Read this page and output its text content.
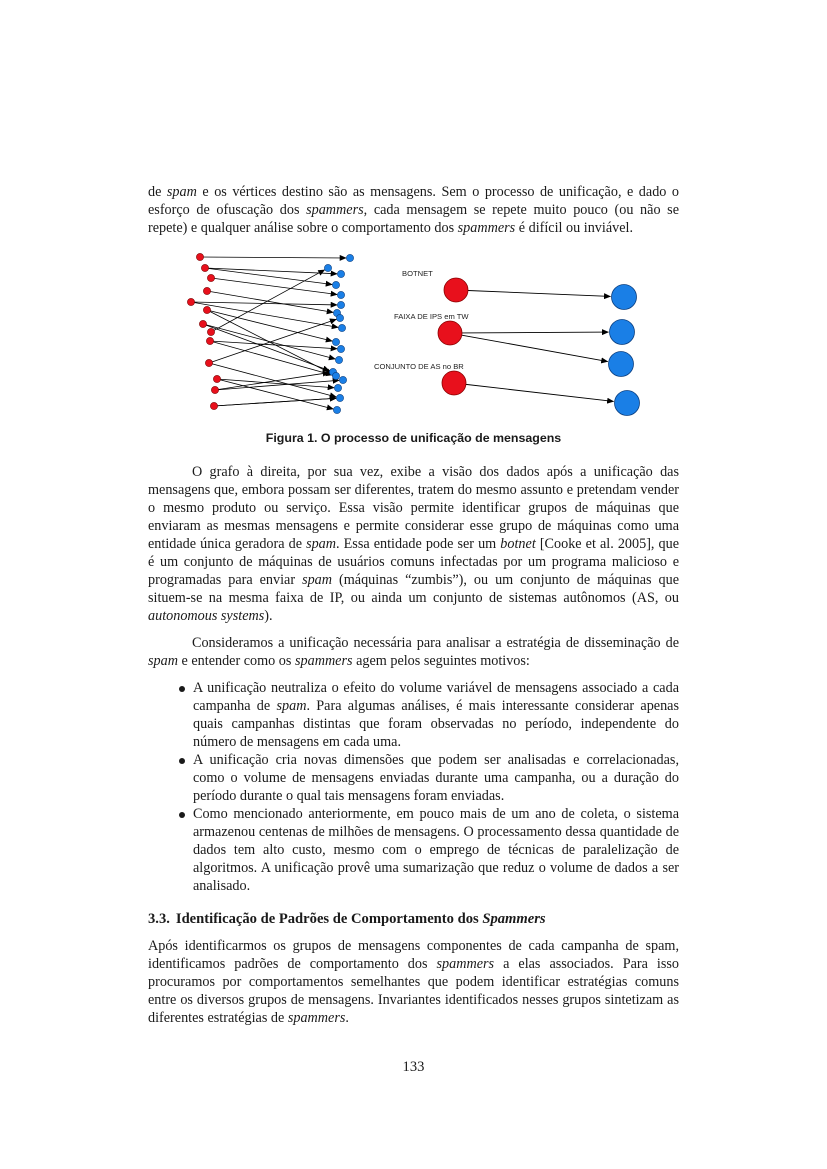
de spam e os vértices destino são as mensagens. Sem o processo de unificação, e dado o esforço de ofuscação dos spammers, cada mensagem se repete muito pouco (ou não se repete) e qualquer análise sobre o comportamento dos spammers é difícil ou inviável.

BOTNET
FAIXA DE IPS em TW
CONJUNTO DE AS no BR
Figura 1. O processo de unificação de mensagens

O grafo à direita, por sua vez, exibe a visão dos dados após a unificação das mensagens que, embora possam ser diferentes, tratem do mesmo assunto e pretendam vender o mesmo produto ou serviço. Essa visão permite identificar grupos de máquinas que enviaram as mesmas mensagens e permite considerar esse grupo de máquinas como uma entidade única geradora de spam. Essa entidade pode ser um botnet [Cooke et al. 2005], que é um conjunto de máquinas de usuários comuns infectadas por um programa malicioso e programadas para enviar spam (máquinas “zumbis”), ou um conjunto de máquinas que situem-se na mesma faixa de IP, ou ainda um conjunto de sistemas autônomos (AS, ou autonomous systems).

Consideramos a unificação necessária para analisar a estratégia de disseminação de spam e entender como os spammers agem pelos seguintes motivos:

A unificação neutraliza o efeito do volume variável de mensagens associado a cada campanha de spam. Para algumas análises, é mais interessante considerar apenas quais campanhas distintas que foram observadas no período, independente do número de mensagens em cada uma.
A unificação cria novas dimensões que podem ser analisadas e correlacionadas, como o volume de mensagens enviadas durante uma campanha, ou a duração do período durante o qual tais mensagens foram enviadas.
Como mencionado anteriormente, em pouco mais de um ano de coleta, o sistema armazenou centenas de milhões de mensagens. O processamento dessa quantidade de dados tem alto custo, mesmo com o emprego de técnicas de paralelização de algoritmos. A unificação provê uma sumarização que reduz o volume de dados a ser analisado.
3.3. Identificação de Padrões de Comportamento dos Spammers

Após identificarmos os grupos de mensagens componentes de cada campanha de spam, identificamos padrões de comportamento dos spammers a elas associados. Para isso procuramos por comportamentos semelhantes que podem identificar estratégias comuns entre os diversos grupos de mensagens. Invariantes identificados nesses grupos sintetizam as diferentes estratégias de spammers.

133
